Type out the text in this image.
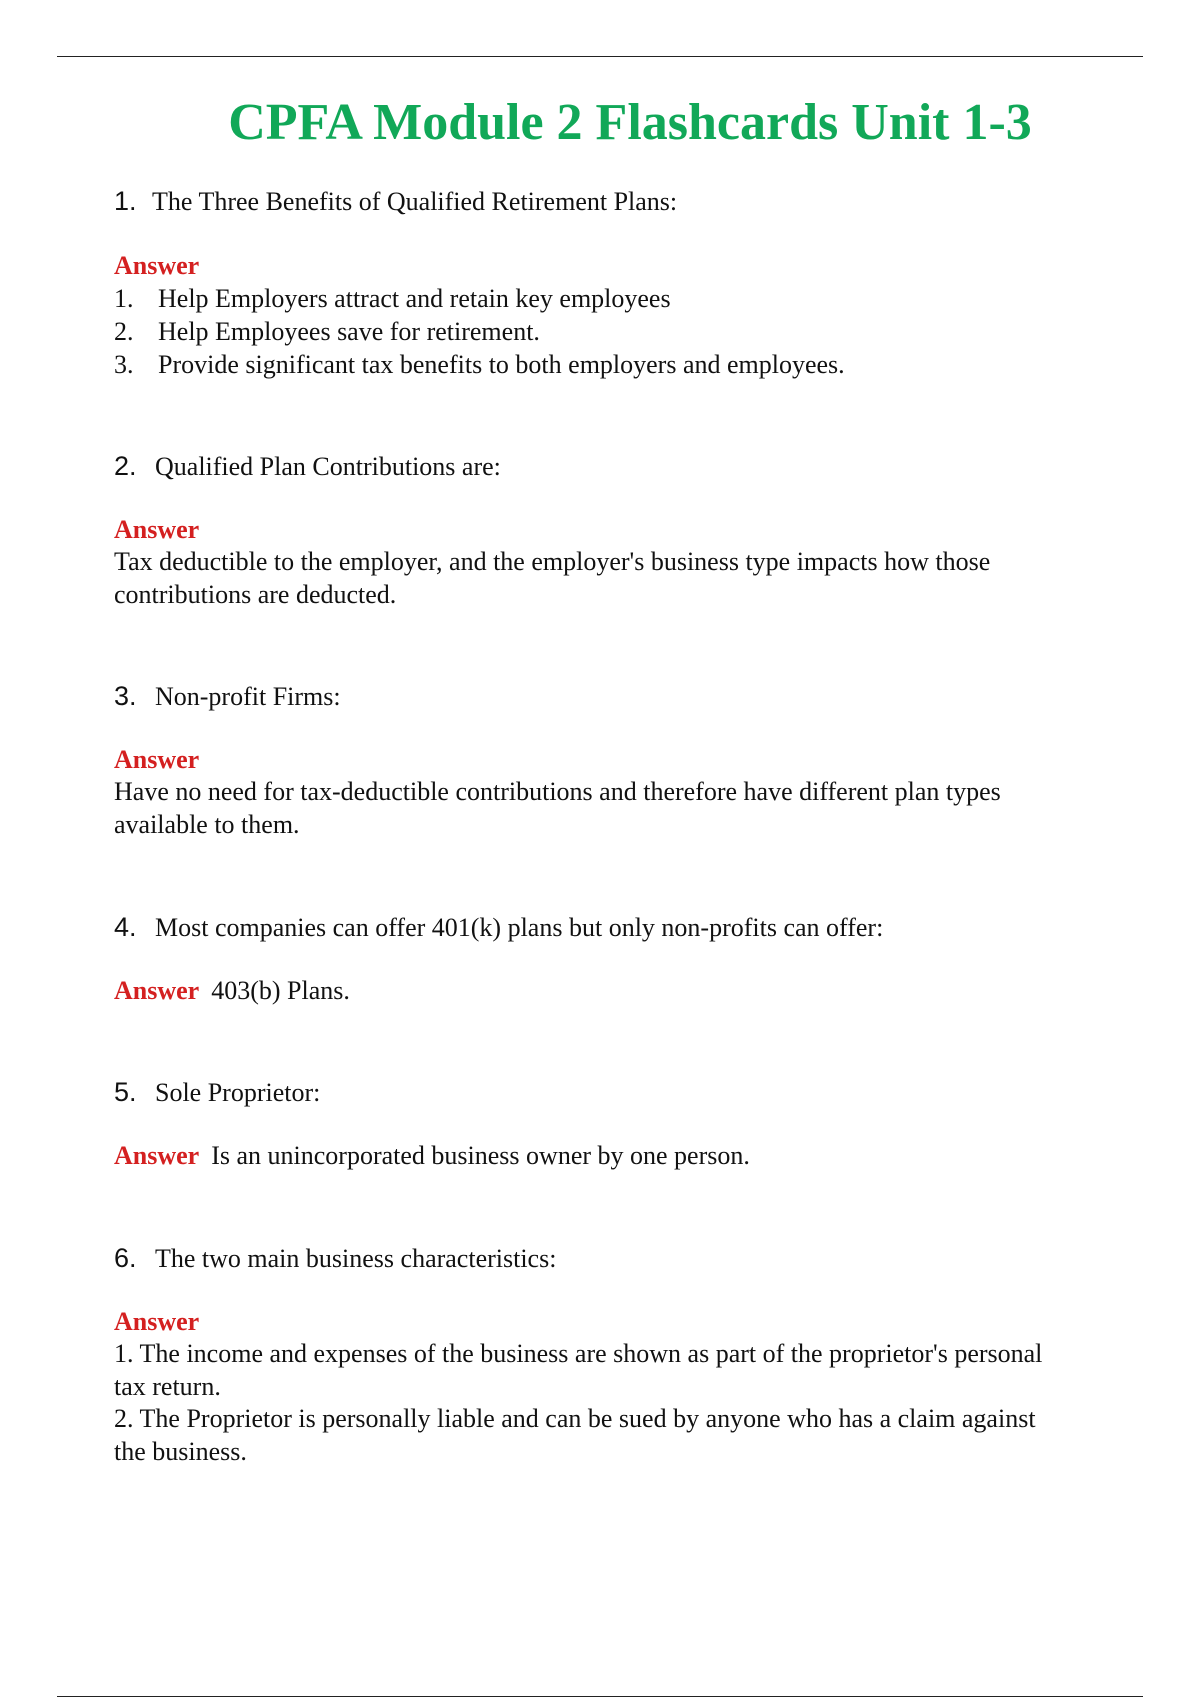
CPFA Module 2 Flashcards Unit 1-3
1. The Three Benefits of Qualified Retirement Plans:
Answer
1. Help Employers attract and retain key employees
2. Help Employees save for retirement.
3. Provide significant tax benefits to both employers and employees.
2. Qualified Plan Contributions are:
Answer
Tax deductible to the employer, and the employer's business type impacts how those
contributions are deducted.
3. Non-profit Firms:
Answer
Have no need for tax-deductible contributions and therefore have different plan types
available to them.
4. Most companies can offer 401(k) plans but only non-profits can offer:
Answer 403(b) Plans.
5. Sole Proprietor:
Answer Is an unincorporated business owner by one person.
6. The two main business characteristics:
Answer
1. The income and expenses of the business are shown as part of the proprietor's personal
tax return.
2. The Proprietor is personally liable and can be sued by anyone who has a claim against
the business.
